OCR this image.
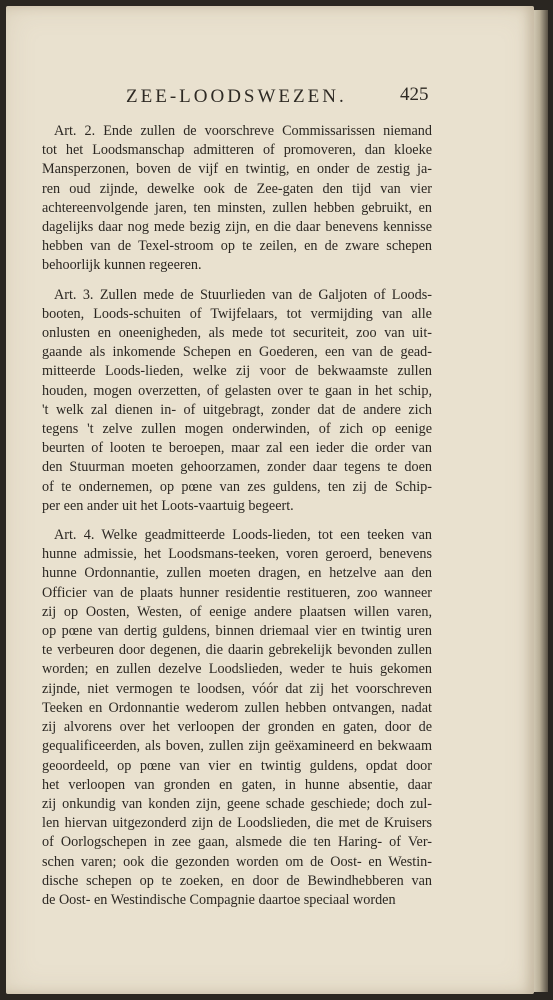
ZEE-LOODSWEZEN.	425
Art. 2. Ende zullen de voorschreve Commissarissen niemand
tot het Loodsmanschap admitteren of promoveren, dan kloeke
Mansperzonen, boven de vijf en twintig, en onder de zestig ja-
ren oud zijnde, dewelke ook de Zee-gaten den tijd van vier
achtereenvolgende jaren, ten minsten, zullen hebben gebruikt, en
dagelijks daar nog mede bezig zijn, en die daar benevens kennisse
hebben van de Texel-stroom op te zeilen, en de zware schepen
behoorlijk kunnen regeeren.
Art. 3. Zullen mede de Stuurlieden van de Galjoten of Loods-
booten, Loods-schuiten of Twijfelaars, tot vermijding van alle
onlusten en oneenigheden, als mede tot securiteit, zoo van uit-
gaande als inkomende Schepen en Goederen, een van de gead-
mitteerde Loods-lieden, welke zij voor de bekwaamste zullen
houden, mogen overzetten, of gelasten over te gaan in het schip,
't welk zal dienen in- of uitgebragt, zonder dat de andere zich
tegens 't zelve zullen mogen onderwinden, of zich op eenige
beurten of looten te beroepen, maar zal een ieder die order van
den Stuurman moeten gehoorzamen, zonder daar tegens te doen
of te ondernemen, op pœne van zes guldens, ten zij de Schip-
per een ander uit het Loots-vaartuig begeert.
Art. 4. Welke geadmitteerde Loods-lieden, tot een teeken van
hunne admissie, het Loodsmans-teeken, voren geroerd, benevens
hunne Ordonnantie, zullen moeten dragen, en hetzelve aan den
Officier van de plaats hunner residentie restitueren, zoo wanneer
zij op Oosten, Westen, of eenige andere plaatsen willen varen,
op pœne van dertig guldens, binnen driemaal vier en twintig uren
te verbeuren door degenen, die daarin gebrekelijk bevonden zullen
worden; en zullen dezelve Loodslieden, weder te huis gekomen
zijnde, niet vermogen te loodsen, vóór dat zij het voorschreven
Teeken en Ordonnantie wederom zullen hebben ontvangen, nadat
zij alvorens over het verloopen der gronden en gaten, door de
gequalificeerden, als boven, zullen zijn geëxamineerd en bekwaam
geoordeeld, op pœne van vier en twintig guldens, opdat door
het verloopen van gronden en gaten, in hunne absentie, daar
zij onkundig van konden zijn, geene schade geschiede; doch zul-
len hiervan uitgezonderd zijn de Loodslieden, die met de Kruisers
of Oorlogschepen in zee gaan, alsmede die ten Haring- of Ver-
schen varen; ook die gezonden worden om de Oost- en Westin-
dische schepen op te zoeken, en door de Bewindhebberen van
de Oost- en Westindische Compagnie daartoe speciaal worden
